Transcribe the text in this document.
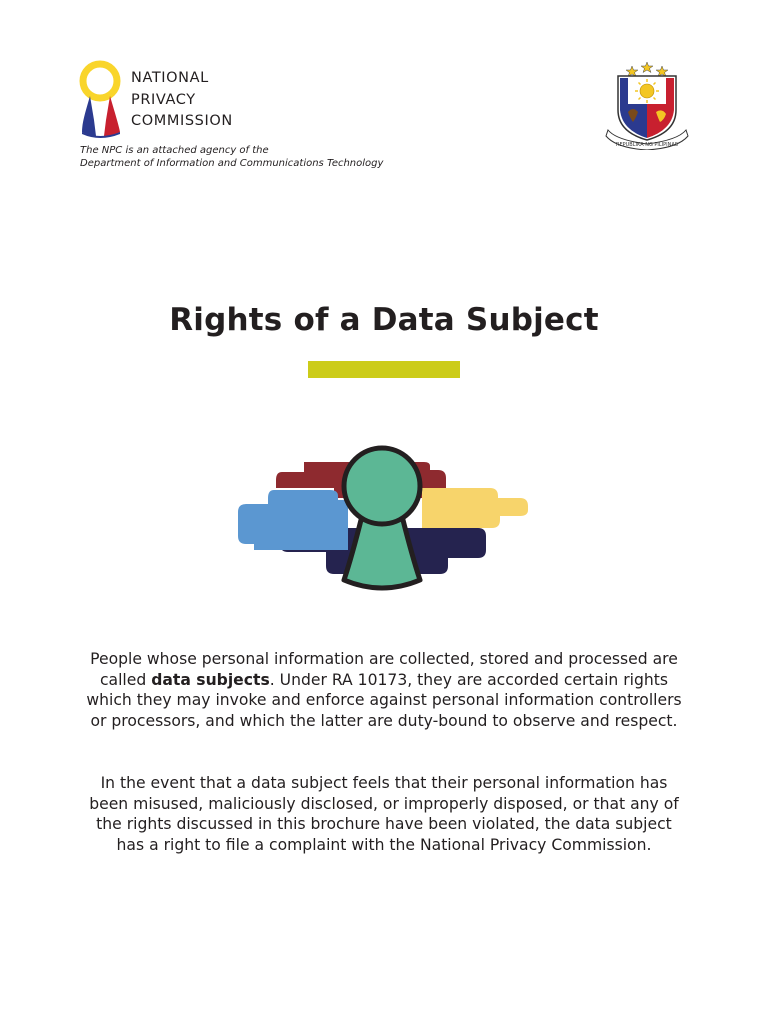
NATIONAL
PRIVACY
COMMISSION
The NPC is an attached agency of the
Department of Information and Communications Technology
REPUBLIKA NG PILIPINAS
Rights of a Data Subject
People whose personal information are collected, stored and processed are called data subjects. Under RA 10173, they are accorded certain rights which they may invoke and enforce against personal information controllers or processors, and which the latter are duty-bound to observe and respect.
In the event that a data subject feels that their personal information has been misused, maliciously disclosed, or improperly disposed, or that any of the rights discussed in this brochure have been violated, the data subject has a right to file a complaint with the National Privacy Commission.
